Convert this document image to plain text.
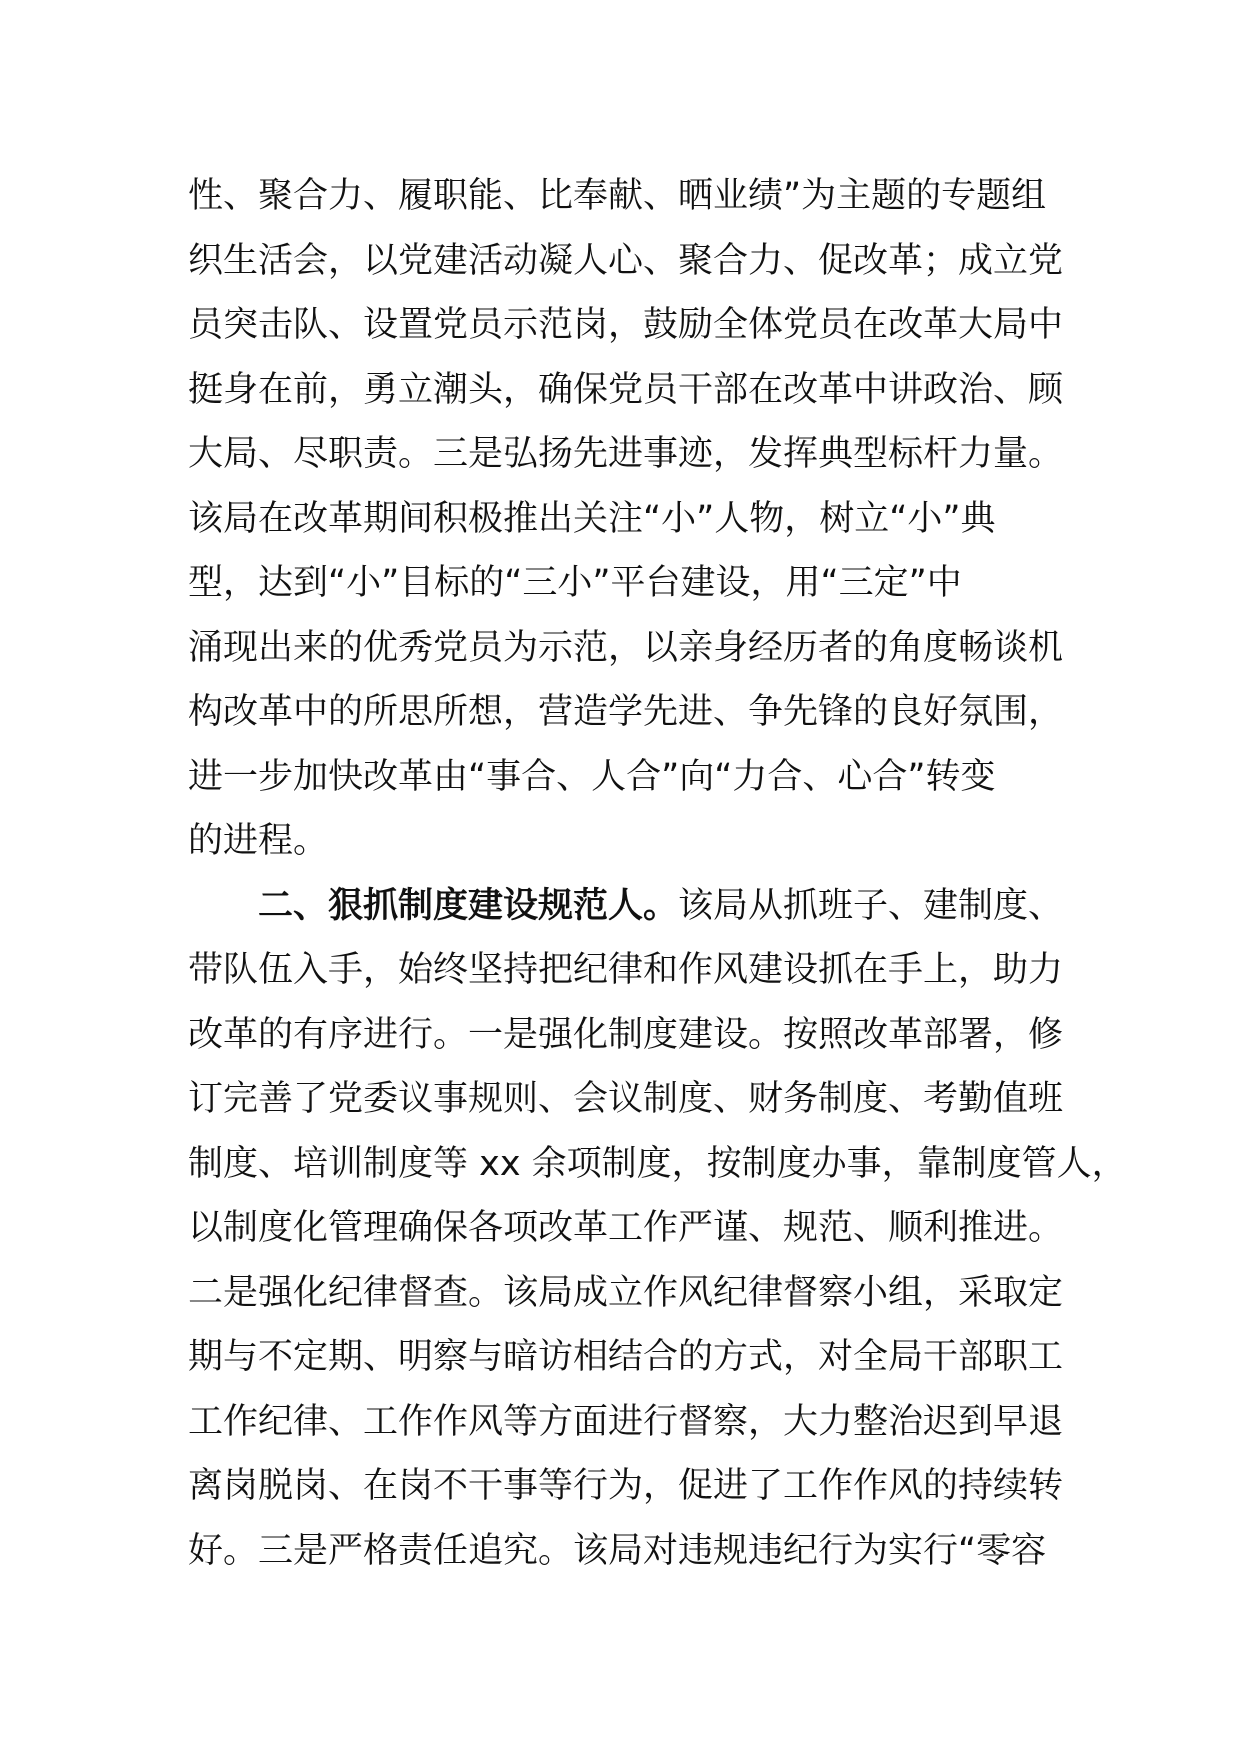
性、聚合力、履职能、比奉献、晒业绩”为主题的专题组
织生活会，以党建活动凝人心、聚合力、促改革；成立党
员突击队、设置党员示范岗，鼓励全体党员在改革大局中
挺身在前，勇立潮头，确保党员干部在改革中讲政治、顾
大局、尽职责。三是弘扬先进事迹，发挥典型标杆力量。
该局在改革期间积极推出关注“小”人物，树立“小”典
型，达到“小”目标的“三小”平台建设，用“三定”中
涌现出来的优秀党员为示范，以亲身经历者的角度畅谈机
构改革中的所思所想，营造学先进、争先锋的良好氛围，
进一步加快改革由“事合、人合”向“力合、心合”转变
的进程。
二、狠抓制度建设规范人。该局从抓班子、建制度、
带队伍入手，始终坚持把纪律和作风建设抓在手上，助力
改革的有序进行。一是强化制度建设。按照改革部署，修
订完善了党委议事规则、会议制度、财务制度、考勤值班
制度、培训制度等 xx 余项制度，按制度办事，靠制度管人，
以制度化管理确保各项改革工作严谨、规范、顺利推进。
二是强化纪律督查。该局成立作风纪律督察小组，采取定
期与不定期、明察与暗访相结合的方式，对全局干部职工
工作纪律、工作作风等方面进行督察，大力整治迟到早退
离岗脱岗、在岗不干事等行为，促进了工作作风的持续转
好。三是严格责任追究。该局对违规违纪行为实行“零容
